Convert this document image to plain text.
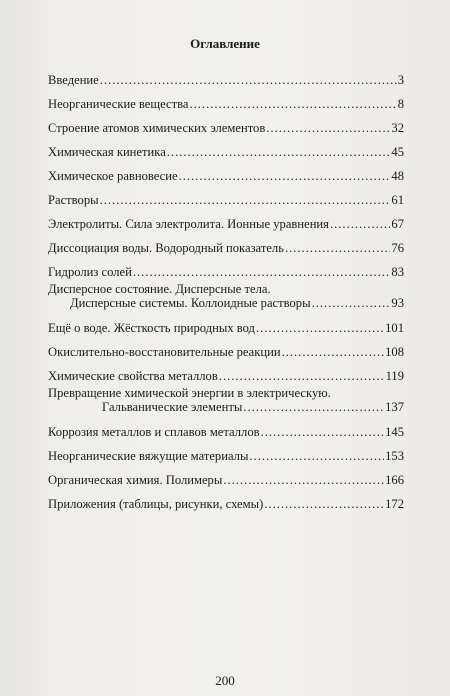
Оглавление
Введение .....	3
Неорганические вещества .....	8
Строение атомов химических элементов .....	32
Химическая кинетика .....	45
Химическое равновесие .....	48
Растворы .....	61
Электролиты. Сила электролита. Ионные уравнения .....	67
Диссоциация воды. Водородный показатель .....	76
Гидролиз солей .....	83
Дисперсное состояние. Дисперсные тела.
Дисперсные системы. Коллоидные растворы .....	93
Ещё о воде. Жёсткость природных вод .....	101
Окислительно-восстановительные реакции .....	108
Химические свойства металлов .....	119
Превращение химической энергии в электрическую.
Гальванические элементы .....	137
Коррозия металлов и сплавов металлов .....	145
Неорганические вяжущие материалы .....	153
Органическая химия. Полимеры .....	166
Приложения (таблицы, рисунки, схемы) .....	172
200
